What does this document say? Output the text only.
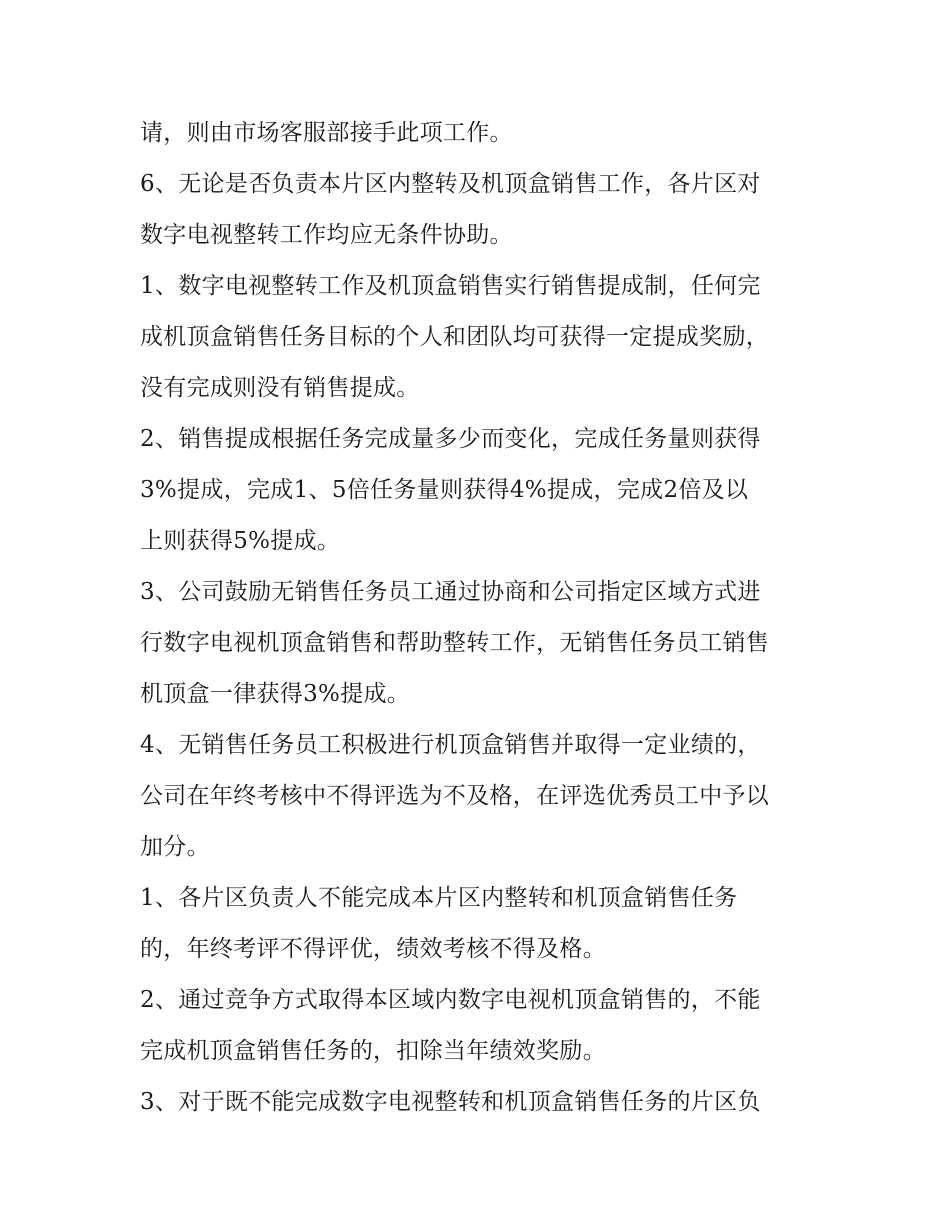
请，则由市场客服部接手此项工作。
6、无论是否负责本片区内整转及机顶盒销售工作，各片区对
数字电视整转工作均应无条件协助。
1、数字电视整转工作及机顶盒销售实行销售提成制，任何完
成机顶盒销售任务目标的个人和团队均可获得一定提成奖励，
没有完成则没有销售提成。
2、销售提成根据任务完成量多少而变化，完成任务量则获得
3%提成，完成1、5倍任务量则获得4%提成，完成2倍及以
上则获得5%提成。
3、公司鼓励无销售任务员工通过协商和公司指定区域方式进
行数字电视机顶盒销售和帮助整转工作，无销售任务员工销售
机顶盒一律获得3%提成。
4、无销售任务员工积极进行机顶盒销售并取得一定业绩的，
公司在年终考核中不得评选为不及格，在评选优秀员工中予以
加分。
1、各片区负责人不能完成本片区内整转和机顶盒销售任务
的，年终考评不得评优，绩效考核不得及格。
2、通过竞争方式取得本区域内数字电视机顶盒销售的，不能
完成机顶盒销售任务的，扣除当年绩效奖励。
3、对于既不能完成数字电视整转和机顶盒销售任务的片区负
